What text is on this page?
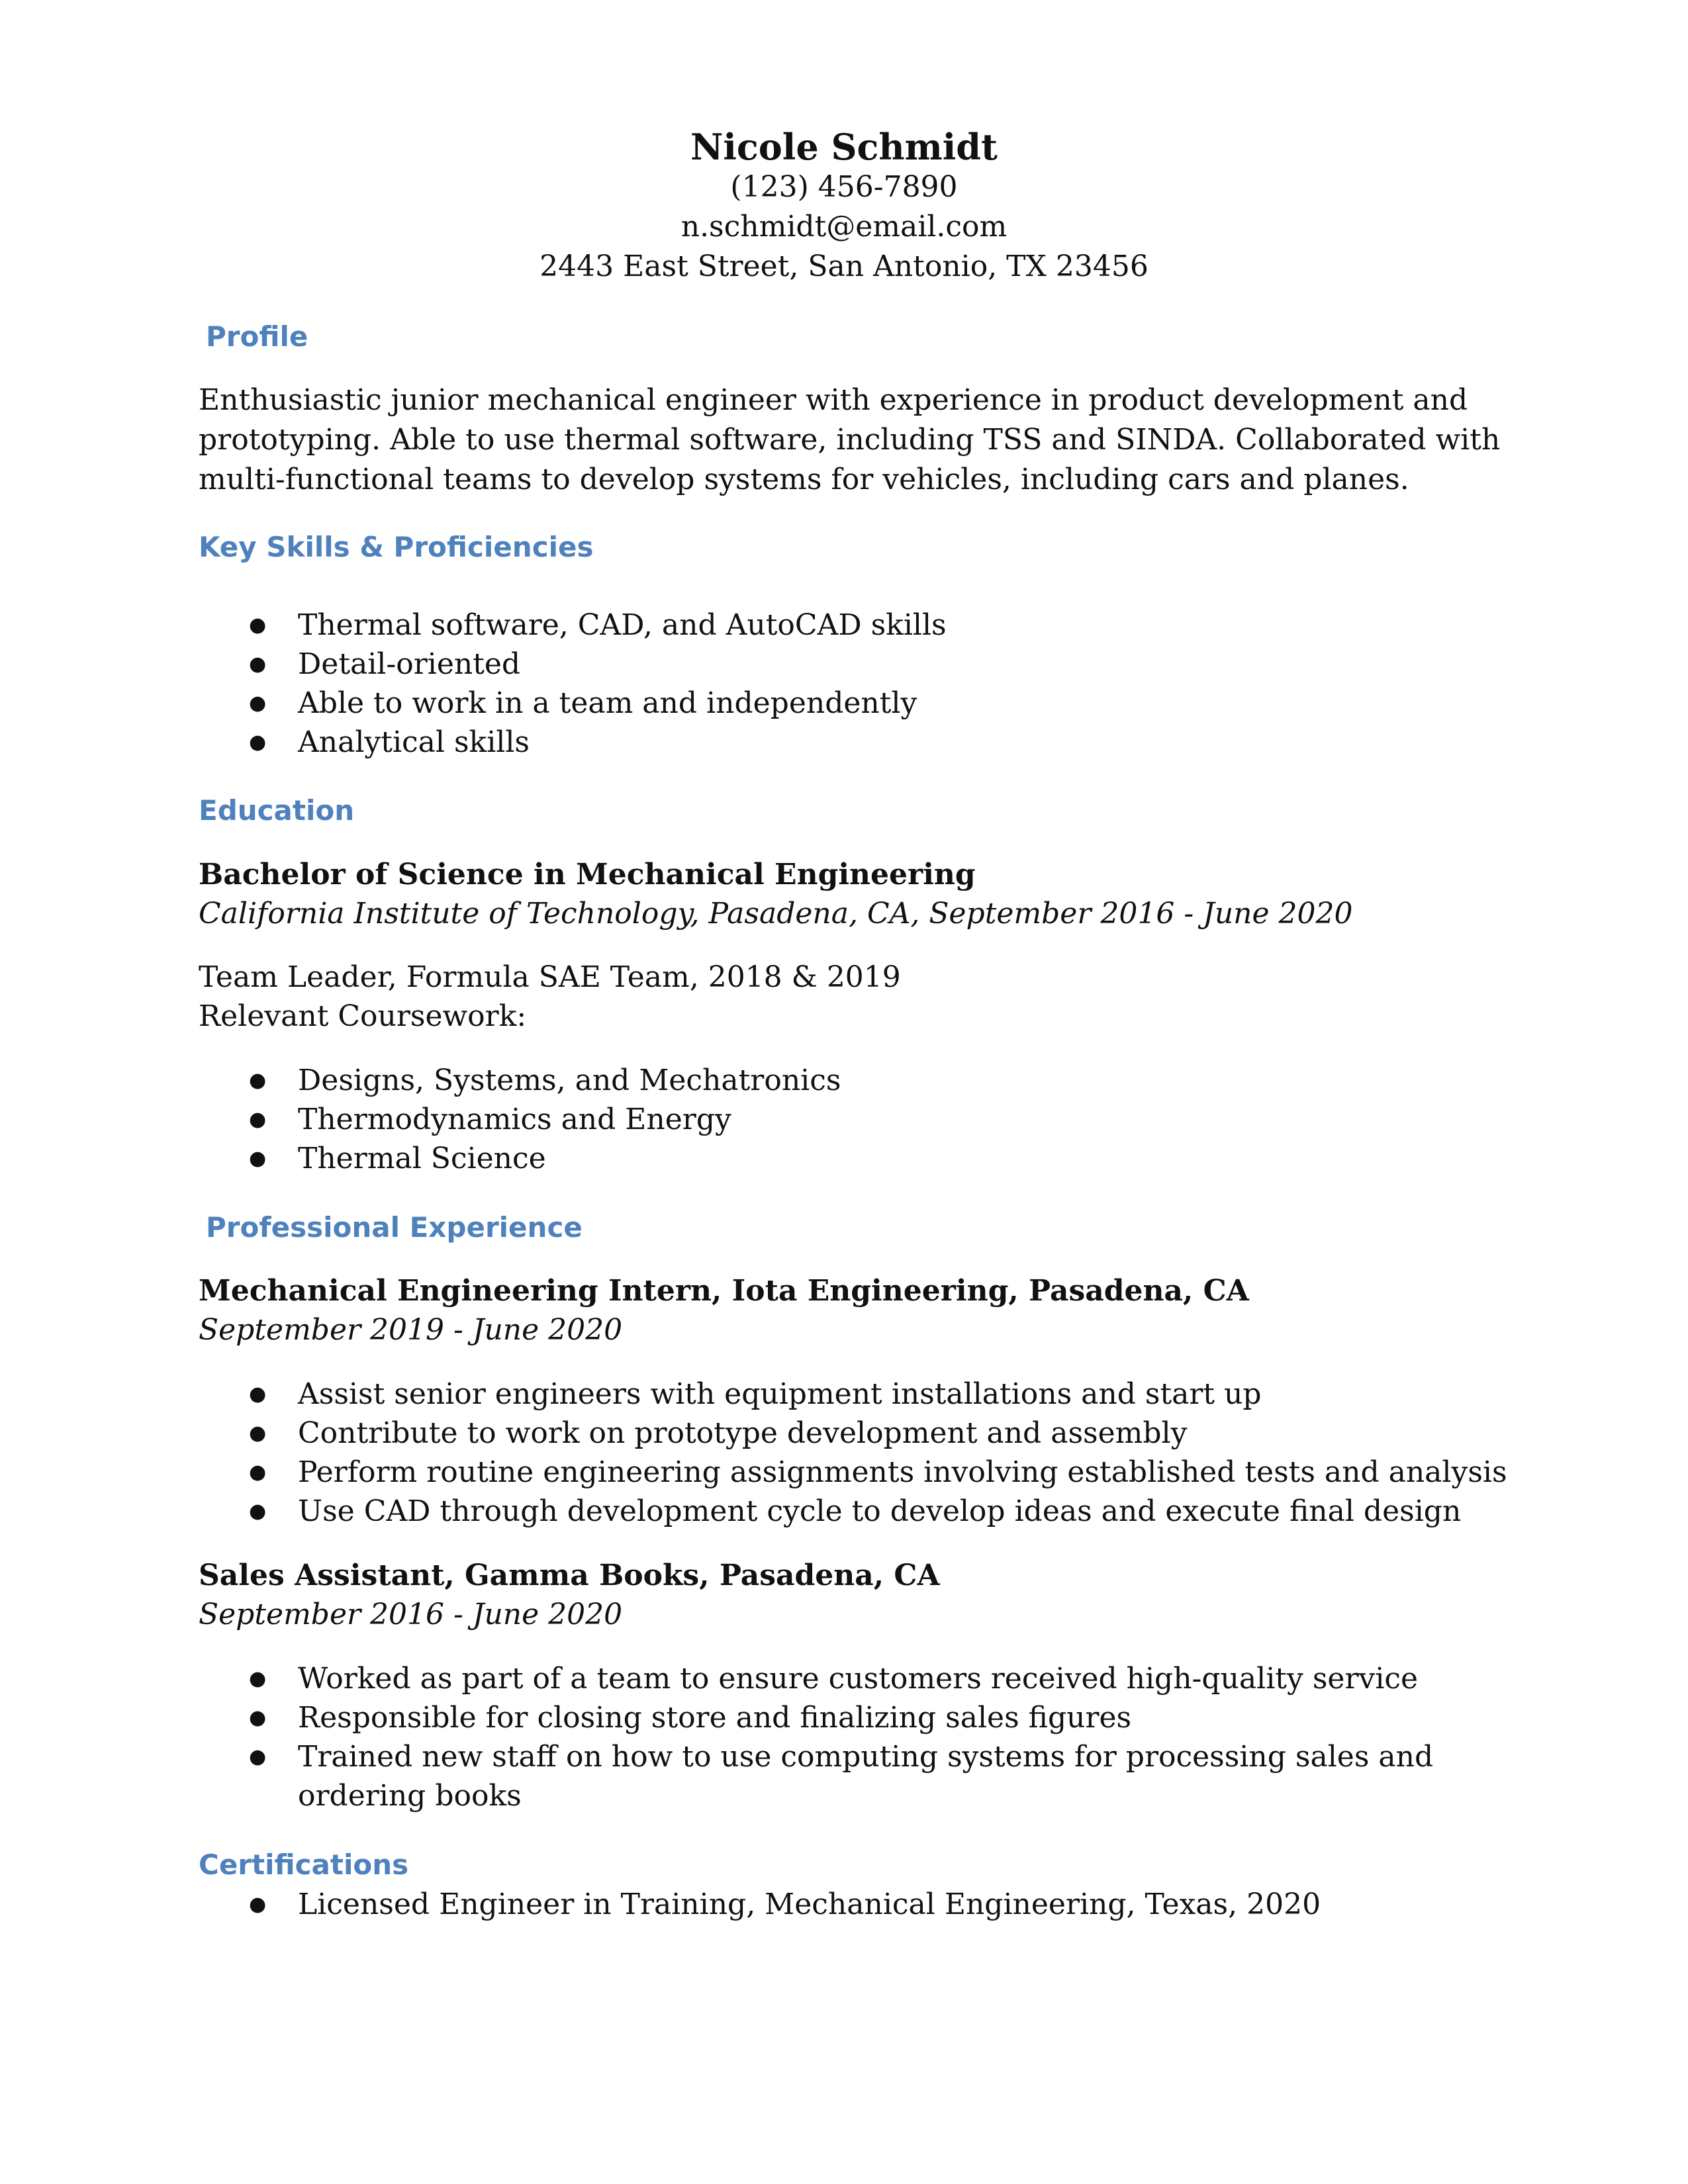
Nicole Schmidt
(123) 456-7890
n.schmidt@email.com
2443 East Street, San Antonio, TX 23456
Profile
Enthusiastic junior mechanical engineer with experience in product development and
prototyping. Able to use thermal software, including TSS and SINDA. Collaborated with
multi-functional teams to develop systems for vehicles, including cars and planes.
Key Skills & Proficiencies
● Thermal software, CAD, and AutoCAD skills
● Detail-oriented
● Able to work in a team and independently
● Analytical skills
Education
Bachelor of Science in Mechanical Engineering
California Institute of Technology, Pasadena, CA, September 2016 - June 2020
Team Leader, Formula SAE Team, 2018 & 2019
Relevant Coursework:
● Designs, Systems, and Mechatronics
● Thermodynamics and Energy
● Thermal Science
Professional Experience
Mechanical Engineering Intern, Iota Engineering, Pasadena, CA
September 2019 - June 2020
● Assist senior engineers with equipment installations and start up
● Contribute to work on prototype development and assembly
● Perform routine engineering assignments involving established tests and analysis
● Use CAD through development cycle to develop ideas and execute final design
Sales Assistant, Gamma Books, Pasadena, CA
September 2016 - June 2020
● Worked as part of a team to ensure customers received high-quality service
● Responsible for closing store and finalizing sales figures
● Trained new staff on how to use computing systems for processing sales and
ordering books
Certifications
● Licensed Engineer in Training, Mechanical Engineering, Texas, 2020
